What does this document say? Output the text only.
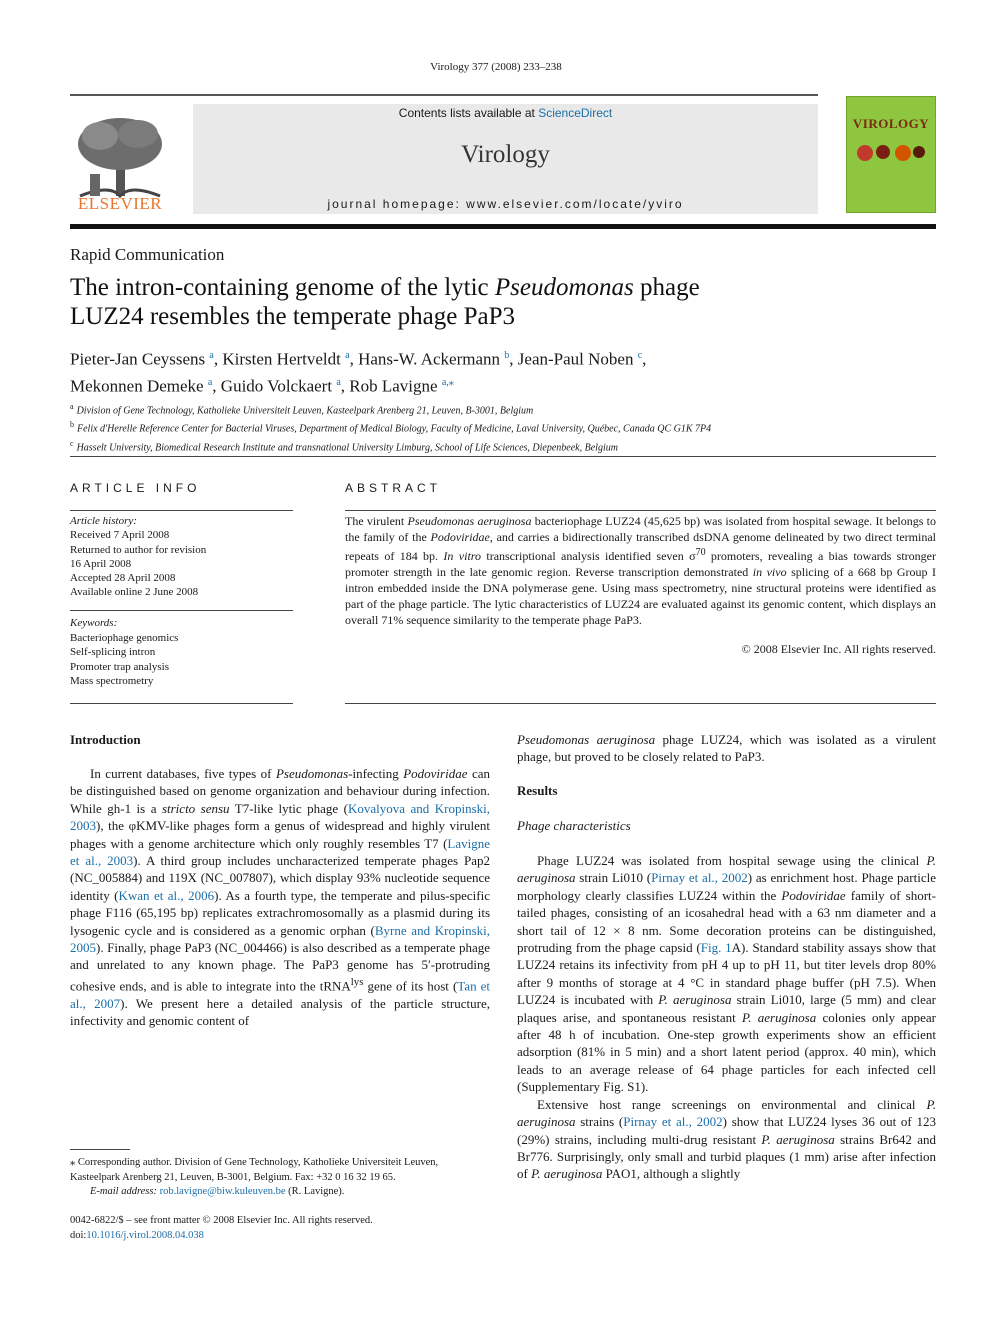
Virology 377 (2008) 233–238
Contents lists available at ScienceDirect
Virology
journal homepage: www.elsevier.com/locate/yviro
ELSEVIER
VIROLOGY
Rapid Communication
The intron-containing genome of the lytic Pseudomonas phage
LUZ24 resembles the temperate phage PaP3
Pieter-Jan Ceyssens $^a$, Kirsten Hertveldt $^a$, Hans-W. Ackermann $^b$, Jean-Paul Noben $^c$,
Mekonnen Demeke $^a$, Guido Volckaert $^a$, Rob Lavigne $^{a,⁎}$
$^a$ Division of Gene Technology, Katholieke Universiteit Leuven, Kasteelpark Arenberg 21, Leuven, B-3001, Belgium
$^b$ Felix d'Herelle Reference Center for Bacterial Viruses, Department of Medical Biology, Faculty of Medicine, Laval University, Québec, Canada QC G1K 7P4
$^c$ Hasselt University, Biomedical Research Institute and transnational University Limburg, School of Life Sciences, Diepenbeek, Belgium
ARTICLE INFO	ABSTRACT
Article history:
Received 7 April 2008
Returned to author for revision
16 April 2008
Accepted 28 April 2008
Available online 2 June 2008
Keywords:
Bacteriophage genomics
Self-splicing intron
Promoter trap analysis
Mass spectrometry
The virulent Pseudomonas aeruginosa bacteriophage LUZ24 (45,625 bp) was isolated from hospital sewage. It belongs to the family of the Podoviridae, and carries a bidirectionally transcribed dsDNA genome delineated by two direct terminal repeats of 184 bp. In vitro transcriptional analysis identified seven $\sigma^{70}$ promoters, revealing a bias towards stronger promoter strength in the late genomic region. Reverse transcription demonstrated in vivo splicing of a 668 bp Group I intron embedded inside the DNA polymerase gene. Using mass spectrometry, nine structural proteins were identified as part of the phage particle. The lytic characteristics of LUZ24 are evaluated against its genomic content, which displays an overall 71% sequence similarity to the temperate phage PaP3.
© 2008 Elsevier Inc. All rights reserved.
Introduction
In current databases, five types of Pseudomonas-infecting Podoviridae can be distinguished based on genome organization and behaviour during infection. While gh-1 is a stricto sensu T7-like lytic phage (Kovalyova and Kropinski, 2003), the φKMV-like phages form a genus of widespread and highly virulent phages with a genome architecture which only roughly resembles T7 (Lavigne et al., 2003). A third group includes uncharacterized temperate phages Pap2 (NC_005884) and 119X (NC_007807), which display 93% nucleotide sequence identity (Kwan et al., 2006). As a fourth type, the temperate and pilus-specific phage F116 (65,195 bp) replicates extrachromosomally as a plasmid during its lysogenic cycle and is considered as a genomic orphan (Byrne and Kropinski, 2005). Finally, phage PaP3 (NC_004466) is also described as a temperate phage and unrelated to any known phage. The PaP3 genome has 5′-protruding cohesive ends, and is able to integrate into the tRNA$^{lys}$ gene of its host (Tan et al., 2007). We present here a detailed analysis of the particle structure, infectivity and genomic content of
Pseudomonas aeruginosa phage LUZ24, which was isolated as a virulent phage, but proved to be closely related to PaP3.
Results
Phage characteristics
Phage LUZ24 was isolated from hospital sewage using the clinical P. aeruginosa strain Li010 (Pirnay et al., 2002) as enrichment host. Phage particle morphology clearly classifies LUZ24 within the Podoviridae family of short-tailed phages, consisting of an icosahedral head with a 63 nm diameter and a short tail of 12 × 8 nm. Some decoration proteins can be distinguished, protruding from the phage capsid (Fig. 1A). Standard stability assays show that LUZ24 retains its infectivity from pH 4 up to pH 11, but titer levels drop 80% after 9 months of storage at 4 °C in standard phage buffer (pH 7.5). When LUZ24 is incubated with P. aeruginosa strain Li010, large (5 mm) and clear plaques arise, and spontaneous resistant P. aeruginosa colonies only appear after 48 h of incubation. One-step growth experiments show an efficient adsorption (81% in 5 min) and a short latent period (approx. 40 min), which leads to an average release of 64 phage particles for each infected cell (Supplementary Fig. S1).
Extensive host range screenings on environmental and clinical P. aeruginosa strains (Pirnay et al., 2002) show that LUZ24 lyses 36 out of 123 (29%) strains, including multi-drug resistant P. aeruginosa strains Br642 and Br776. Surprisingly, only small and turbid plaques (1 mm) arise after infection of P. aeruginosa PAO1, although a slightly
⁎ Corresponding author. Division of Gene Technology, Katholieke Universiteit Leuven, Kasteelpark Arenberg 21, Leuven, B-3001, Belgium. Fax: +32 0 16 32 19 65.
E-mail address: rob.lavigne@biw.kuleuven.be (R. Lavigne).
0042-6822/$ – see front matter © 2008 Elsevier Inc. All rights reserved.
doi:10.1016/j.virol.2008.04.038
